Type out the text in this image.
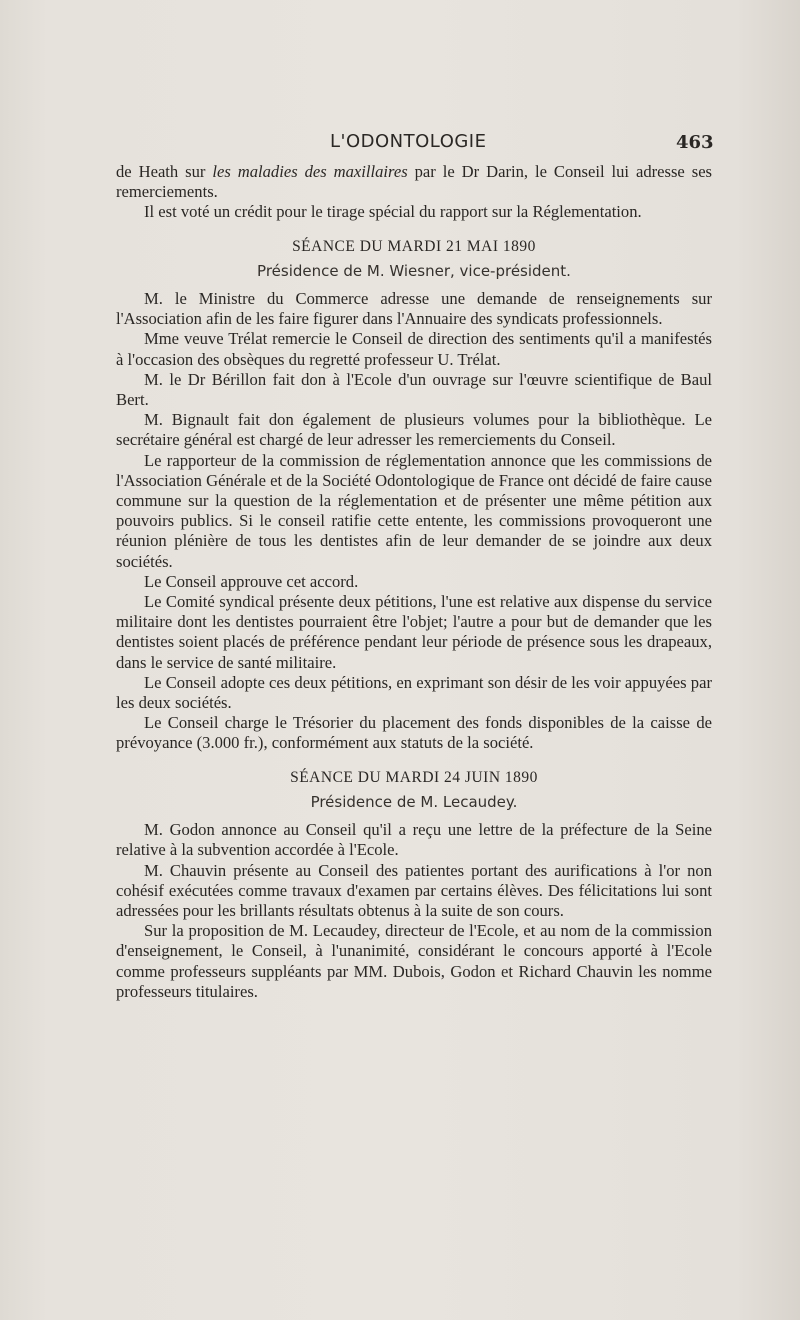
L'ODONTOLOGIE	463

de Heath sur les maladies des maxillaires par le Dr Darin, le Conseil lui adresse ses remerciements.

Il est voté un crédit pour le tirage spécial du rapport sur la Réglementation.

SÉANCE DU MARDI 21 MAI 1890
Présidence de M. Wiesner, vice-président.

M. le Ministre du Commerce adresse une demande de renseignements sur l'Association afin de les faire figurer dans l'Annuaire des syndicats professionnels.

Mme veuve Trélat remercie le Conseil de direction des sentiments qu'il a manifestés à l'occasion des obsèques du regretté professeur U. Trélat.

M. le Dr Bérillon fait don à l'Ecole d'un ouvrage sur l'œuvre scientifique de Baul Bert.

M. Bignault fait don également de plusieurs volumes pour la bibliothèque. Le secrétaire général est chargé de leur adresser les remerciements du Conseil.

Le rapporteur de la commission de réglementation annonce que les commissions de l'Association Générale et de la Société Odontologique de France ont décidé de faire cause commune sur la question de la réglementation et de présenter une même pétition aux pouvoirs publics. Si le conseil ratifie cette entente, les commissions provoqueront une réunion plénière de tous les dentistes afin de leur demander de se joindre aux deux sociétés.

Le Conseil approuve cet accord.

Le Comité syndical présente deux pétitions, l'une est relative aux dispense du service militaire dont les dentistes pourraient être l'objet; l'autre a pour but de demander que les dentistes soient placés de préférence pendant leur période de présence sous les drapeaux, dans le service de santé militaire.

Le Conseil adopte ces deux pétitions, en exprimant son désir de les voir appuyées par les deux sociétés.

Le Conseil charge le Trésorier du placement des fonds disponibles de la caisse de prévoyance (3.000 fr.), conformément aux statuts de la société.

SÉANCE DU MARDI 24 JUIN 1890
Présidence de M. Lecaudey.

M. Godon annonce au Conseil qu'il a reçu une lettre de la préfecture de la Seine relative à la subvention accordée à l'Ecole.

M. Chauvin présente au Conseil des patientes portant des aurifications à l'or non cohésif exécutées comme travaux d'examen par certains élèves. Des félicitations lui sont adressées pour les brillants résultats obtenus à la suite de son cours.

Sur la proposition de M. Lecaudey, directeur de l'Ecole, et au nom de la commission d'enseignement, le Conseil, à l'unanimité, considérant le concours apporté à l'Ecole comme professeurs suppléants par MM. Dubois, Godon et Richard Chauvin les nomme professeurs titulaires.
